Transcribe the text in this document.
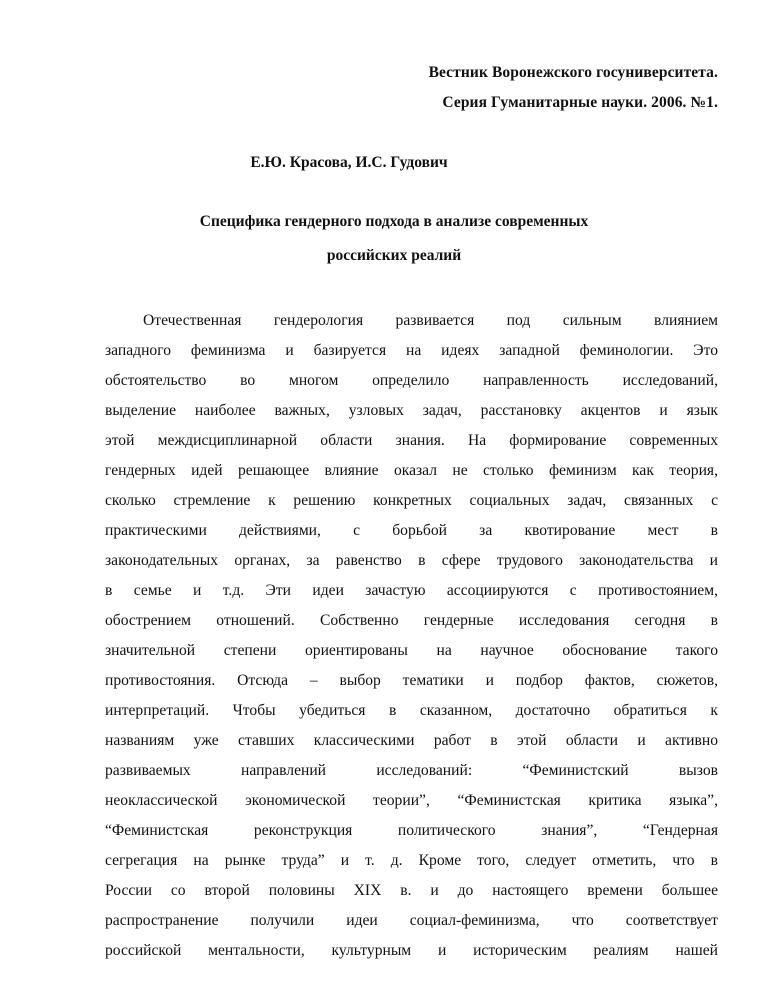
Вестник Воронежского госуниверситета.
Серия Гуманитарные науки. 2006. №1.
Е.Ю. Красова, И.С. Гудович
Специфика гендерного подхода в анализе современных
российских реалий
Отечественная гендерология развивается под сильным влиянием
западного феминизма и базируется на идеях западной феминологии. Это
обстоятельство во многом определило направленность исследований,
выделение наиболее важных, узловых задач, расстановку акцентов и язык
этой междисциплинарной области знания. На формирование современных
гендерных идей решающее влияние оказал не столько феминизм как теория,
сколько стремление к решению конкретных социальных задач, связанных с
практическими действиями, с борьбой за квотирование мест в
законодательных органах, за равенство в сфере трудового законодательства и
в семье и т.д. Эти идеи зачастую ассоциируются с противостоянием,
обострением отношений. Собственно гендерные исследования сегодня в
значительной степени ориентированы на научное обоснование такого
противостояния. Отсюда – выбор тематики и подбор фактов, сюжетов,
интерпретаций. Чтобы убедиться в сказанном, достаточно обратиться к
названиям уже ставших классическими работ в этой области и активно
развиваемых направлений исследований: “Феминистский вызов
неоклассической экономической теории”, “Феминистская критика языка”,
“Феминистская реконструкция политического знания”, “Гендерная
сегрегация на рынке труда” и т. д. Кроме того, следует отметить, что в
России со второй половины XIX в. и до настоящего времени большее
распространение получили идеи социал-феминизма, что соответствует
российской ментальности, культурным и историческим реалиям нашей
